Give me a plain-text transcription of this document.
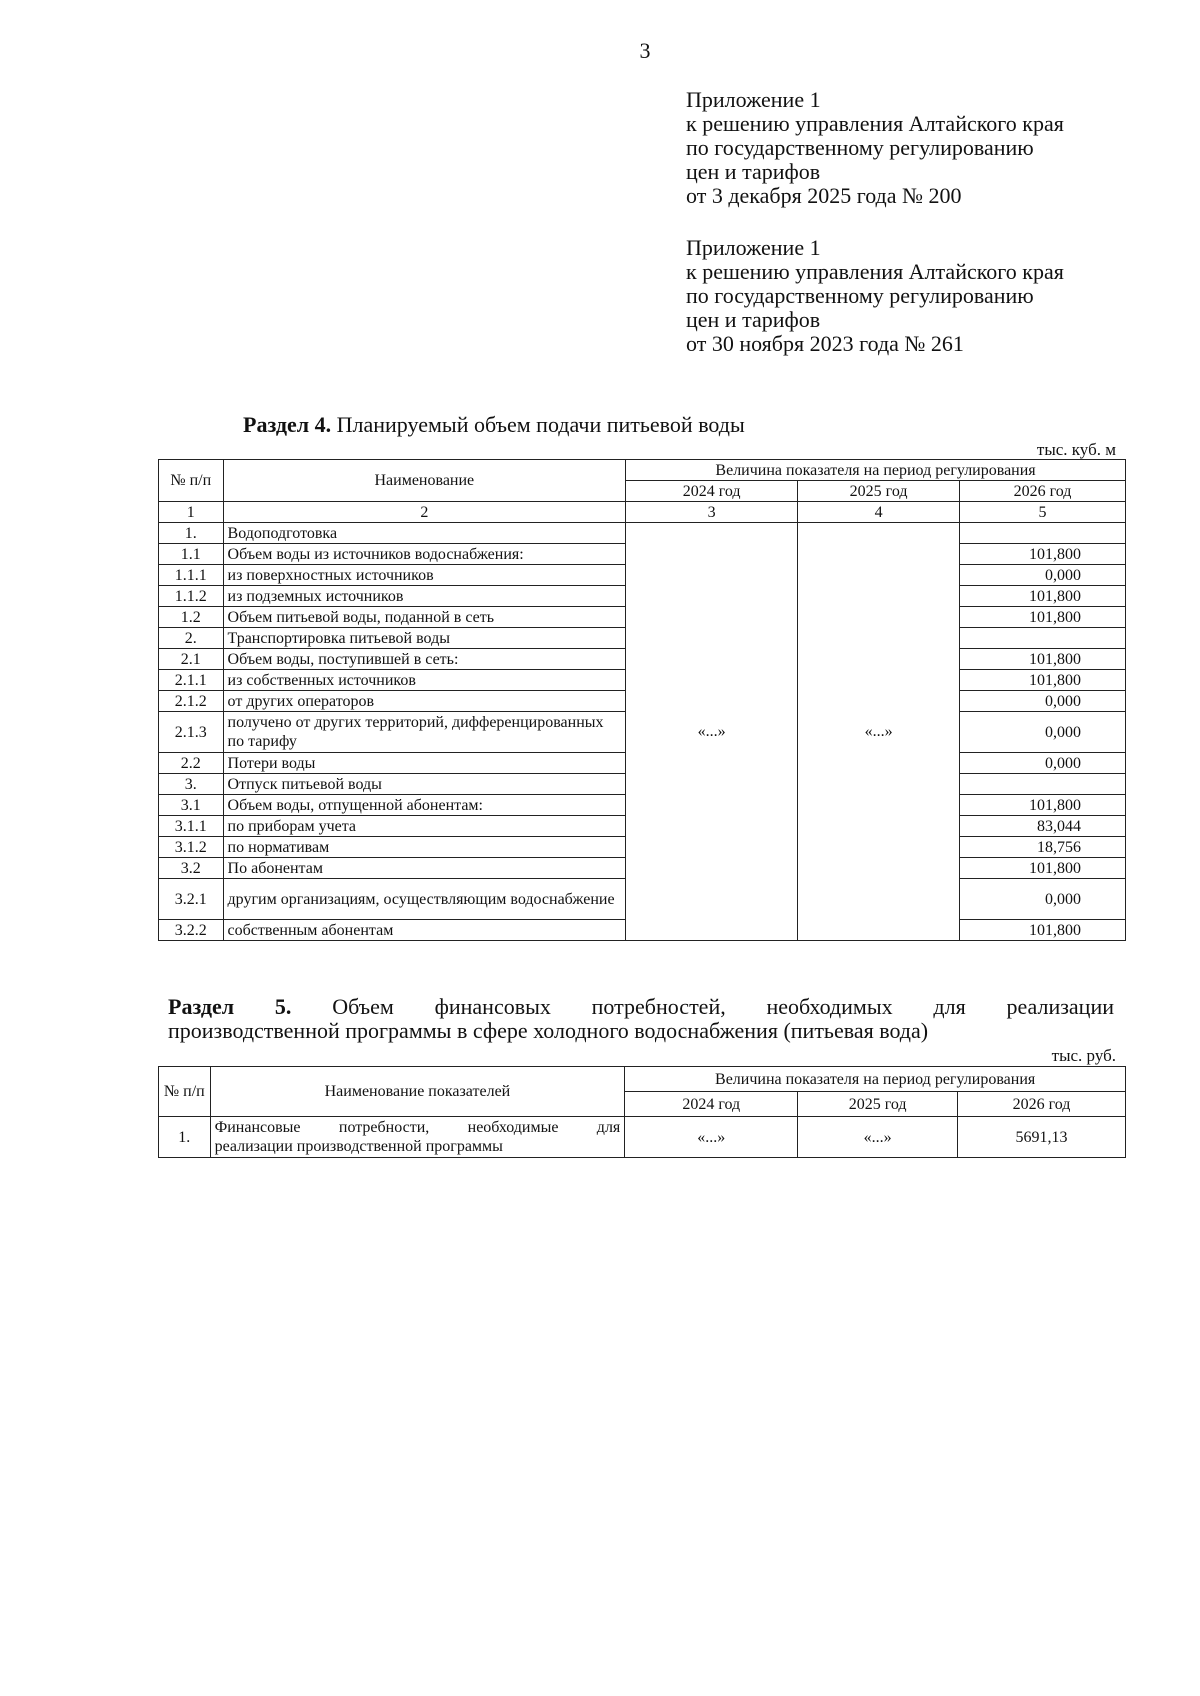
3
Приложение 1
к решению управления Алтайского края
по государственному регулированию
цен и тарифов
от 3 декабря 2025 года № 200
Приложение 1
к решению управления Алтайского края
по государственному регулированию
цен и тарифов
от 30 ноября 2023 года № 261
Раздел 4. Планируемый объем подачи питьевой воды
тыс. куб. м
№ п/п	Наименование	Величина показателя на период регулирования		
		2024 год	2025 год	2026 год
1	2	3	4	5
1.	Водоподготовка	«...»	«...»	
1.1	Объем воды из источников водоснабжения:			101,800
1.1.1	из поверхностных источников			0,000
1.1.2	из подземных источников			101,800
1.2	Объем питьевой воды, поданной в сеть			101,800
2.	Транспортировка питьевой воды			
2.1	Объем воды, поступившей в сеть:			101,800
2.1.1	из собственных источников			101,800
2.1.2	от других операторов			0,000
2.1.3	получено от других территорий, дифференцированных по тарифу			0,000
2.2	Потери воды			0,000
3.	Отпуск питьевой воды			
3.1	Объем воды, отпущенной абонентам:			101,800
3.1.1	по приборам учета			83,044
3.1.2	по нормативам			18,756
3.2	По абонентам			101,800
3.2.1	другим организациям, осуществляющим водоснабжение			0,000
3.2.2	собственным абонентам			101,800
Раздел 5. Объем финансовых потребностей, необходимых для реализации
производственной программы в сфере холодного водоснабжения (питьевая вода)
тыс. руб.
№ п/п	Наименование показателей	Величина показателя на период регулирования		
		2024 год	2025 год	2026 год
1.	Финансовые потребности, необходимые для
реализации производственной программы	«...»	«...»	5691,13
